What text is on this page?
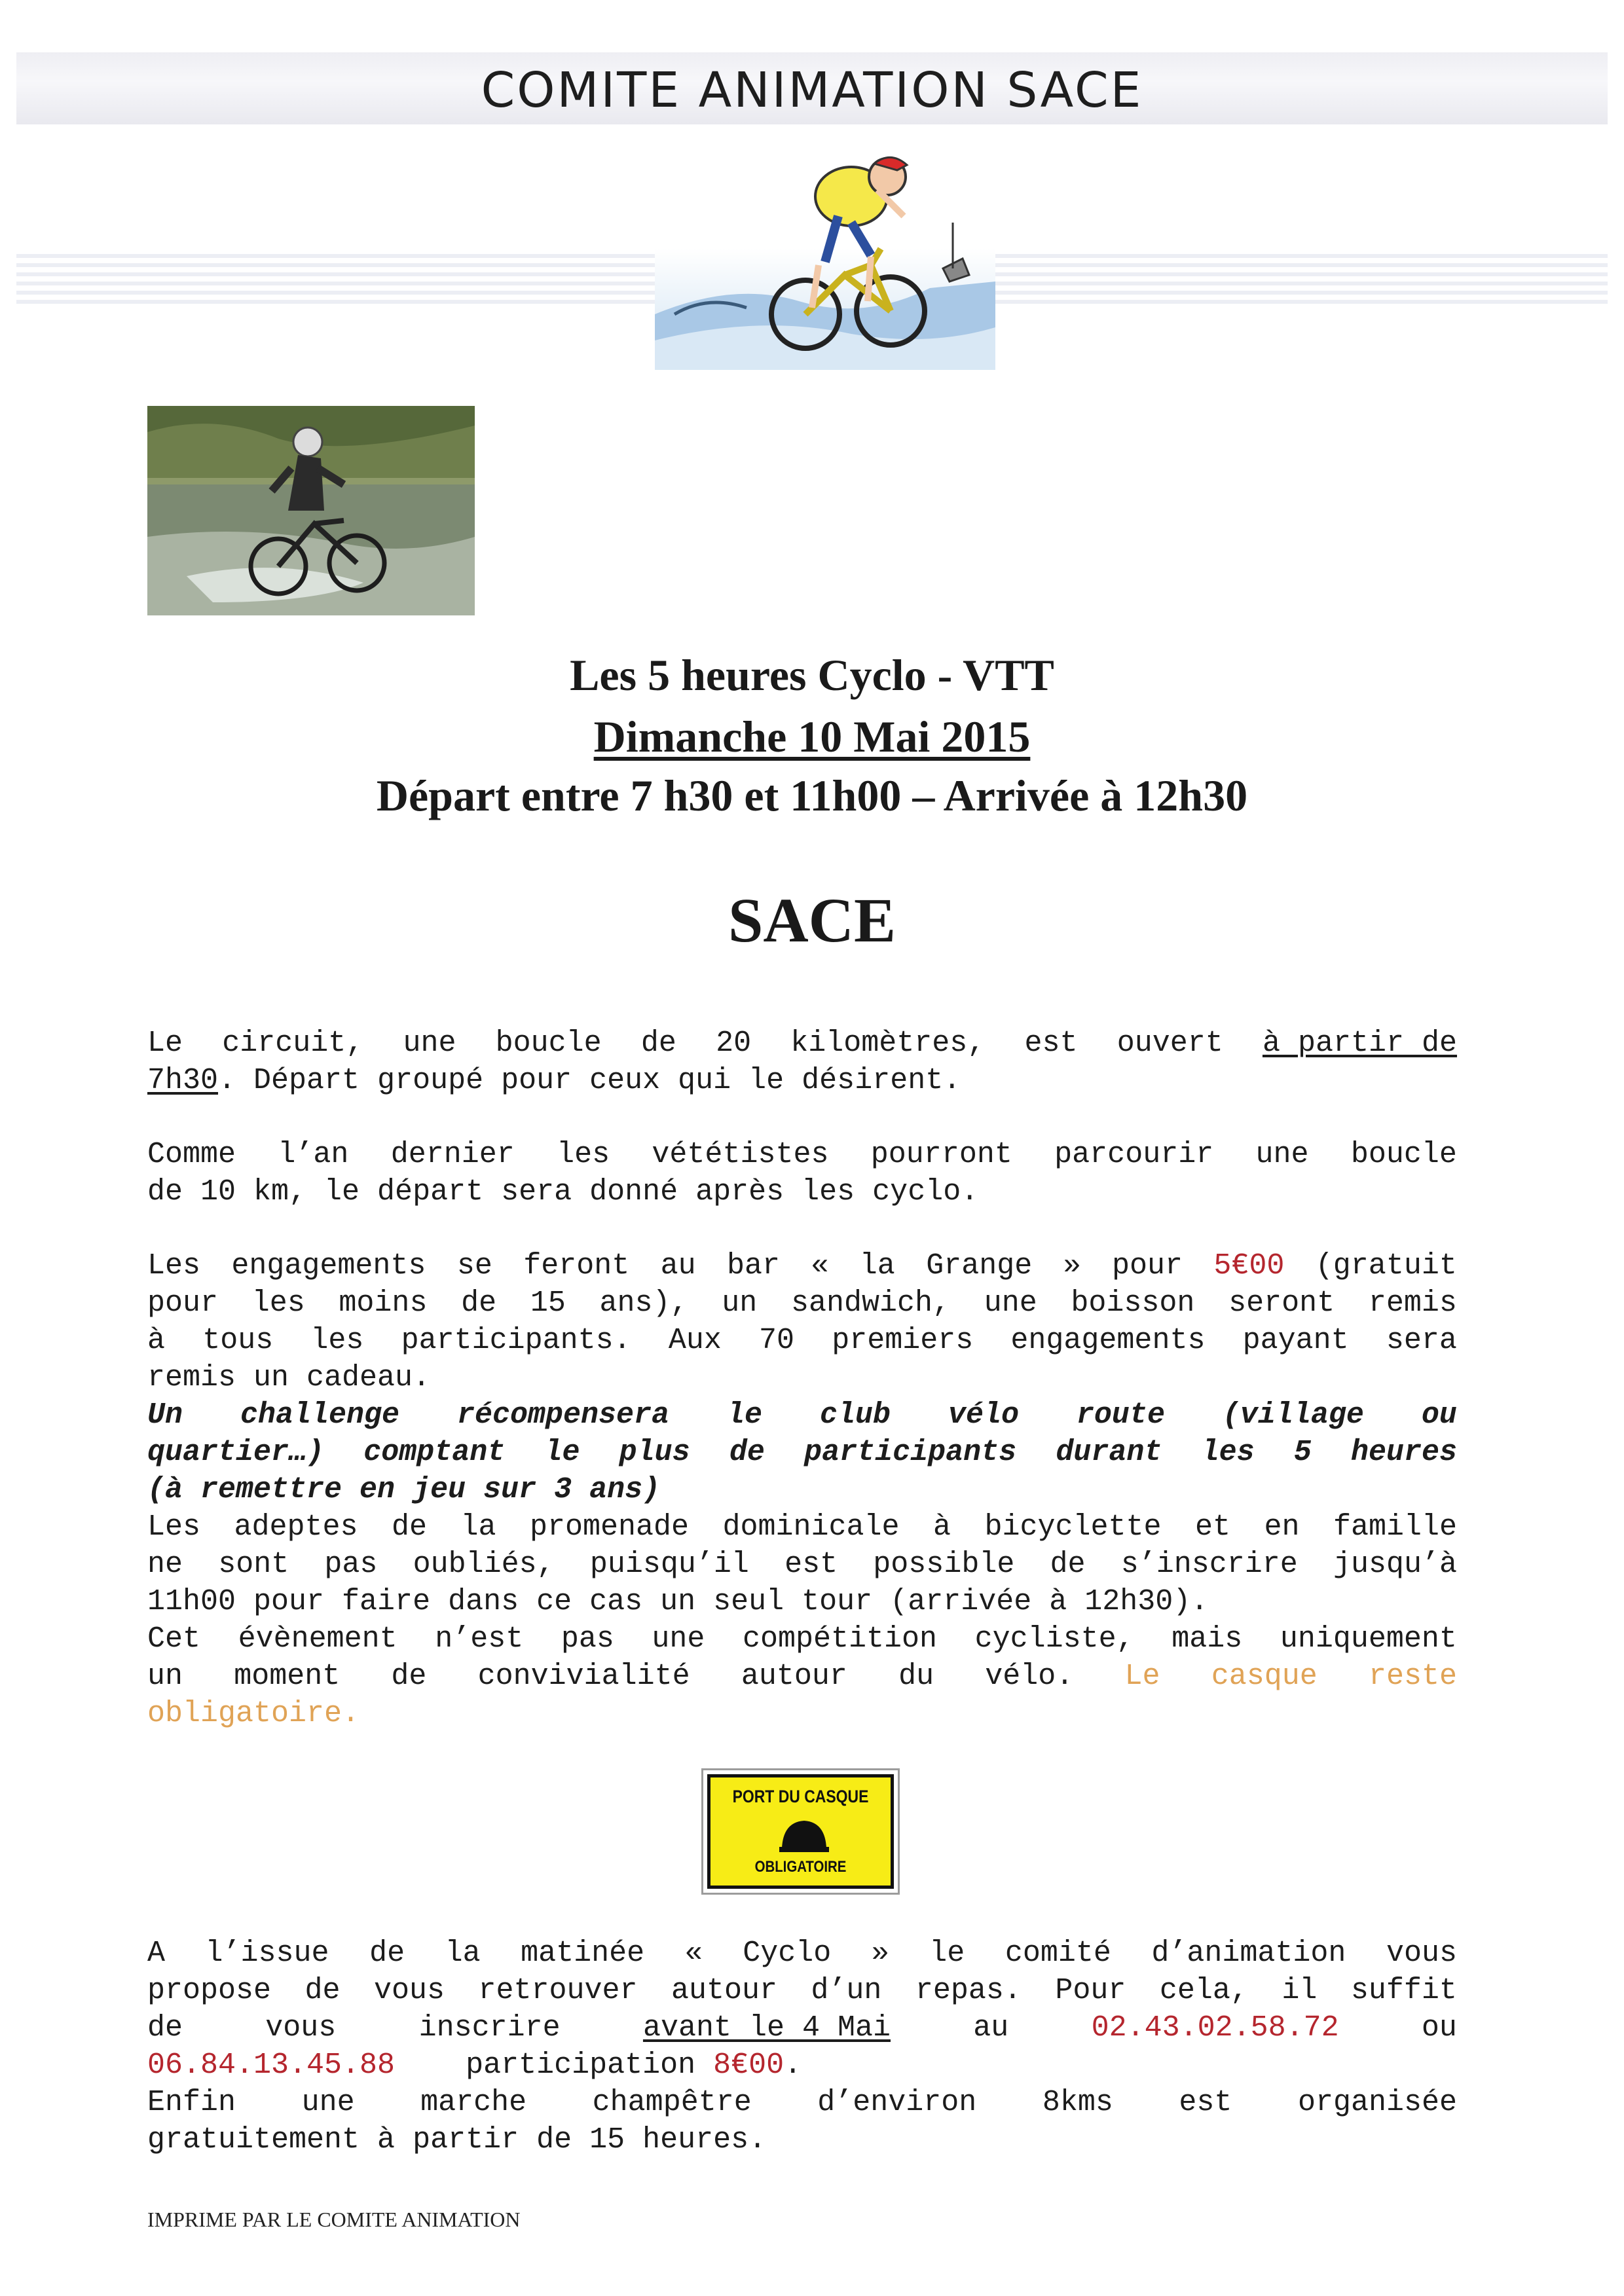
COMITE ANIMATION SACE
Les 5 heures Cyclo - VTT
Dimanche 10 Mai 2015
Départ entre 7 h30 et 11h00 – Arrivée à 12h30
SACE
Le circuit, une boucle de 20 kilomètres, est ouvert à partir de
7h30 . Départ groupé pour ceux qui le désirent.
Comme l’an dernier les vététistes pourront parcourir une boucle
de 10 km, le départ sera donné après les cyclo.
Les engagements se feront au bar « la Grange » pour 5€00 (gratuit
pour les moins de 15 ans), un sandwich, une boisson seront remis
à tous les participants. Aux 70 premiers engagements payant sera
remis un cadeau.
Un challenge récompensera le club vélo route (village ou
quartier…) comptant le plus de participants durant les 5 heures
(à remettre en jeu sur 3 ans)
Les adeptes de la promenade dominicale à bicyclette et en famille
ne sont pas oubliés, puisqu’il est possible de s’inscrire jusqu’à
11h00 pour faire dans ce cas un seul tour (arrivée à 12h30).
Cet évènement n’est pas une compétition cycliste, mais uniquement
un moment de convivialité autour du vélo. Le casque reste
obligatoire.
PORT DU CASQUE
OBLIGATOIRE
A l’issue de la matinée « Cyclo » le comité d’animation vous
propose de vous retrouver autour d’un repas. Pour cela, il suffit
de	vous	inscrire	avant le 4 Mai	au	02.43.02.58.72	ou
06.84.13.45.88
participation
8€00 .
Enfin une marche champêtre d’environ 8kms est organisée
gratuitement à partir de 15 heures.
IMPRIME PAR LE COMITE ANIMATION
